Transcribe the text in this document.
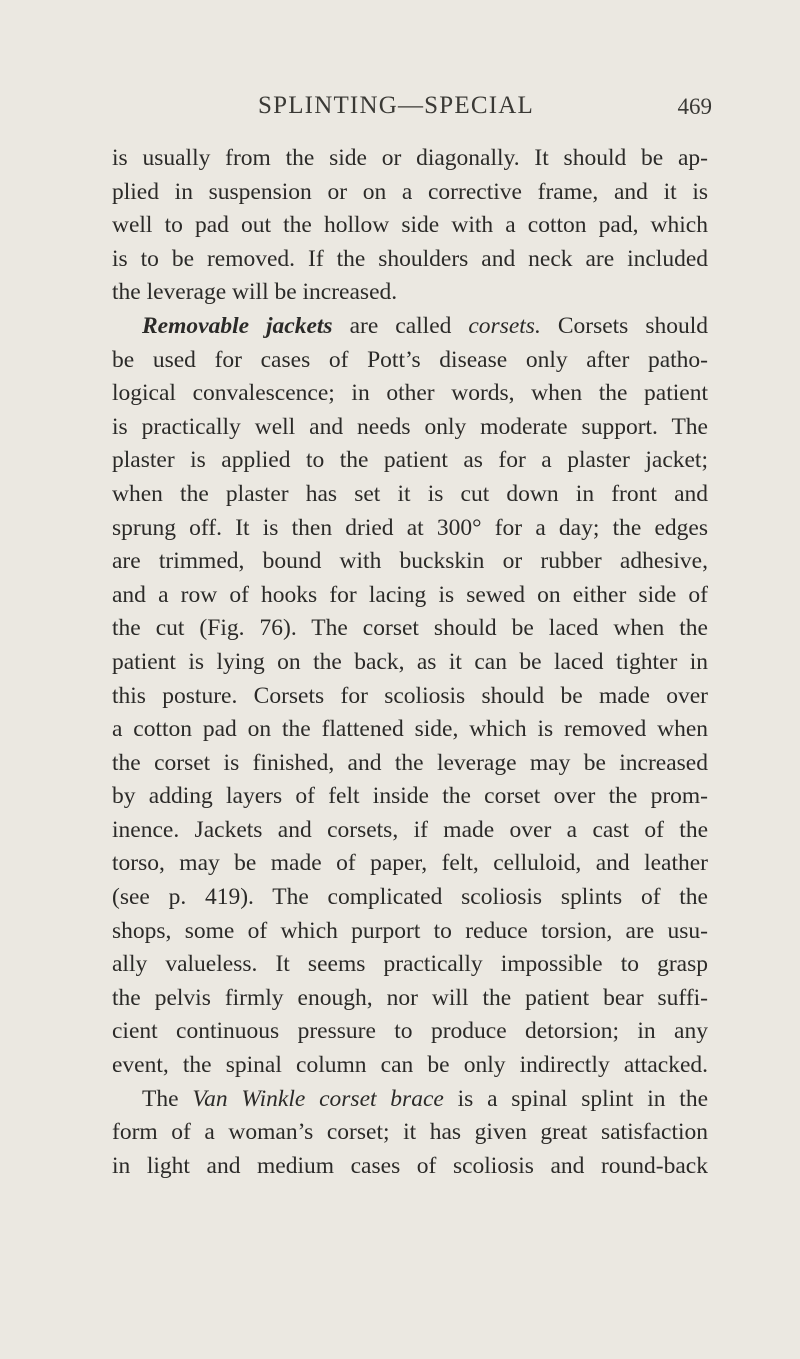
SPLINTING—SPECIAL	469
is usually from the side or diagonally. It should be ap-
plied in suspension or on a corrective frame, and it is
well to pad out the hollow side with a cotton pad, which
is to be removed. If the shoulders and neck are included
the leverage will be increased.
Removable jackets are called corsets. Corsets should
be used for cases of Pott’s disease only after patho-
logical convalescence; in other words, when the patient
is practically well and needs only moderate support. The
plaster is applied to the patient as for a plaster jacket;
when the plaster has set it is cut down in front and
sprung off. It is then dried at 300° for a day; the edges
are trimmed, bound with buckskin or rubber adhesive,
and a row of hooks for lacing is sewed on either side of
the cut (Fig. 76). The corset should be laced when the
patient is lying on the back, as it can be laced tighter in
this posture. Corsets for scoliosis should be made over
a cotton pad on the flattened side, which is removed when
the corset is finished, and the leverage may be increased
by adding layers of felt inside the corset over the prom-
inence. Jackets and corsets, if made over a cast of the
torso, may be made of paper, felt, celluloid, and leather
(see p. 419). The complicated scoliosis splints of the
shops, some of which purport to reduce torsion, are usu-
ally valueless. It seems practically impossible to grasp
the pelvis firmly enough, nor will the patient bear suffi-
cient continuous pressure to produce detorsion; in any
event, the spinal column can be only indirectly attacked.
The Van Winkle corset brace is a spinal splint in the
form of a woman’s corset; it has given great satisfaction
in light and medium cases of scoliosis and round-back
